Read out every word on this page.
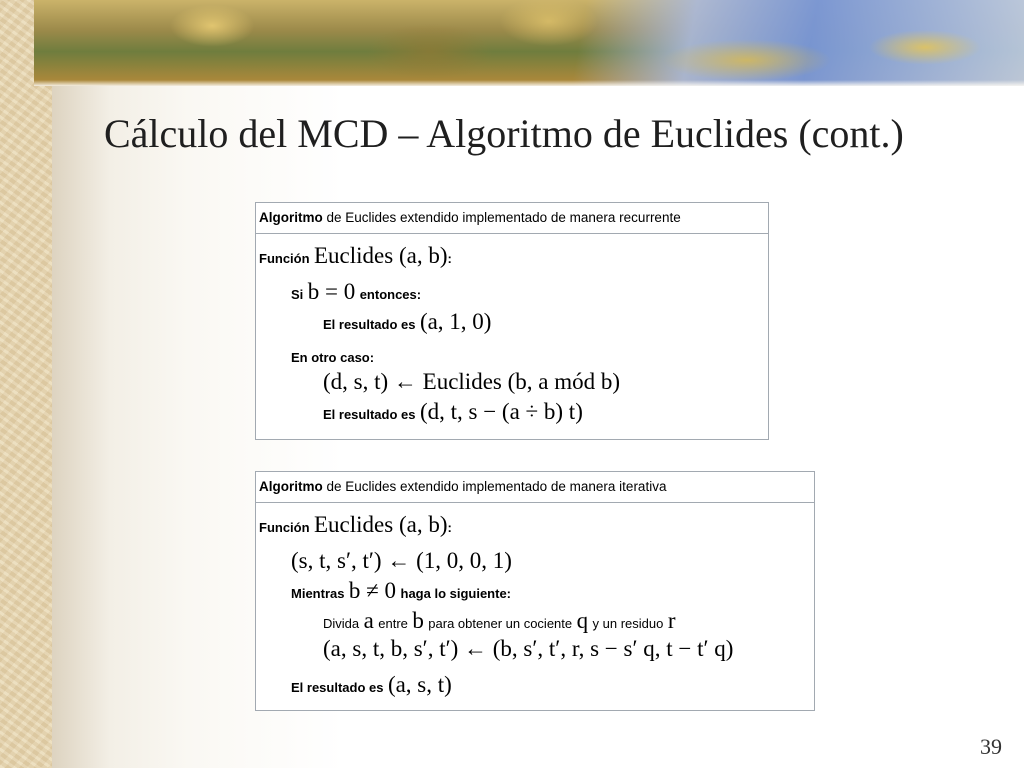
Cálculo del MCD – Algoritmo de Euclides (cont.)
Algoritmo de Euclides extendido implementado de manera recurrente
Función Euclides (a, b):
Si b = 0 entonces:
El resultado es (a, 1, 0)
En otro caso:
(d, s, t) ← Euclides (b, a mód b)
El resultado es (d, t, s − (a ÷ b) t)
Algoritmo de Euclides extendido implementado de manera iterativa
Función Euclides (a, b):
(s, t, s′, t′) ← (1, 0, 0, 1)
Mientras b ≠ 0 haga lo siguiente:
Divida a entre b para obtener un cociente q y un residuo r
(a, s, t, b, s′, t′) ← (b, s′, t′, r, s − s′ q, t − t′ q)
El resultado es (a, s, t)
39
